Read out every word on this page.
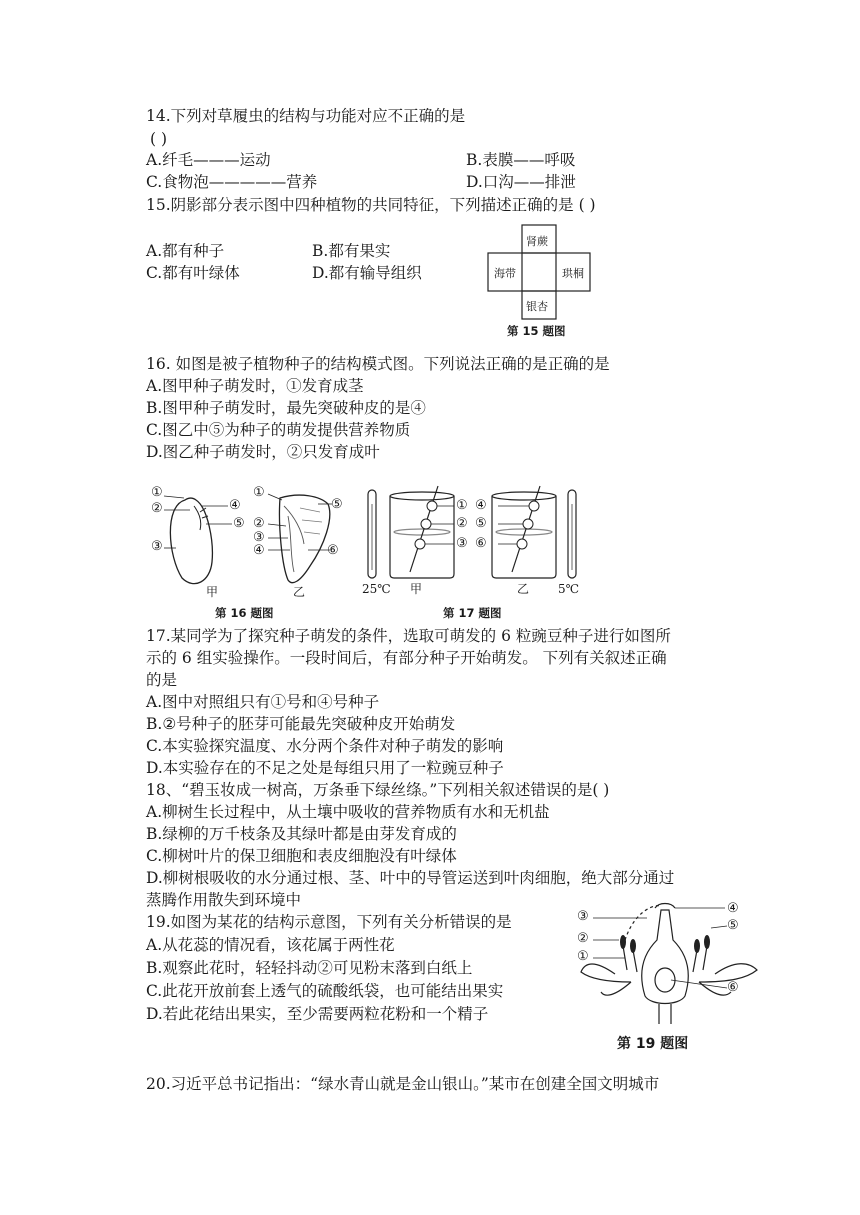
14.下列对草履虫的结构与功能对应不正确的是
( )
A.纤毛———运动	B.表膜——呼吸
C.食物泡—————营养	D.口沟——排泄
15.阴影部分表示图中四种植物的共同特征，下列描述正确的是 ( )
A.都有种子	B.都有果实
C.都有叶绿体	D.都有输导组织
肾蕨
海带	珙桐
银杏
第 15 题图
16. 如图是被子植物种子的结构模式图。下列说法正确的是正确的是
A.图甲种子萌发时，①发育成茎
B.图甲种子萌发时，最先突破种皮的是④
C.图乙中⑤为种子的萌发提供营养物质
D.图乙种子萌发时，②只发育成叶
①
②
③
④
⑤
①
②
③
④
⑤
⑥
甲	乙
第 16 题图
①
②
③
④
⑤
⑥
25℃ 甲	乙 5℃
第 17 题图
17.某同学为了探究种子萌发的条件，选取可萌发的 6 粒豌豆种子进行如图所
示的 6 组实验操作。一段时间后，有部分种子开始萌发。 下列有关叙述正确
的是
A.图中对照组只有①号和④号种子
B.②号种子的胚芽可能最先突破种皮开始萌发
C.本实验探究温度、水分两个条件对种子萌发的影响
D.本实验存在的不足之处是每组只用了一粒豌豆种子
18、“碧玉妆成一树高，万条垂下绿丝绦。”下列相关叙述错误的是( )
A.柳树生长过程中，从土壤中吸收的营养物质有水和无机盐
B.绿柳的万千枝条及其绿叶都是由芽发育成的
C.柳树叶片的保卫细胞和表皮细胞没有叶绿体
D.柳树根吸收的水分通过根、茎、叶中的导管运送到叶肉细胞，绝大部分通过
蒸腾作用散失到环境中
19.如图为某花的结构示意图，下列有关分析错误的是
A.从花蕊的情况看，该花属于两性花
B.观察此花时，轻轻抖动②可见粉末落到白纸上
C.此花开放前套上透气的硫酸纸袋，也可能结出果实
D.若此花结出果实，至少需要两粒花粉和一个精子
③
②
①
④
⑤
⑥
第 19 题图
20.习近平总书记指出：“绿水青山就是金山银山。”某市在创建全国文明城市
